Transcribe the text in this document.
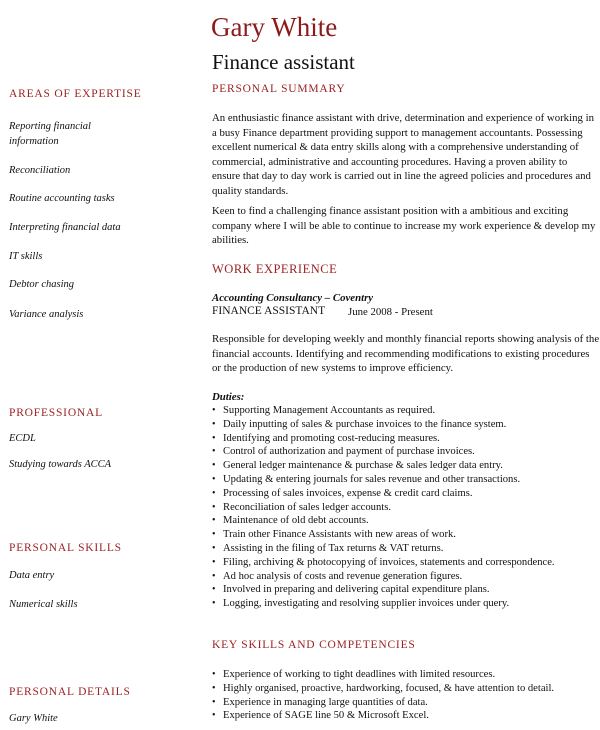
Gary White
Finance assistant
AREAS OF EXPERTISE
Reporting financial information
Reconciliation
Routine accounting tasks
Interpreting financial data
IT skills
Debtor chasing
Variance analysis
PROFESSIONAL
ECDL
Studying towards ACCA
PERSONAL SKILLS
Data entry
Numerical skills
PERSONAL DETAILS
Gary White
PERSONAL SUMMARY
An enthusiastic finance assistant with drive, determination and experience of working in a busy Finance department providing support to management accountants. Possessing excellent numerical & data entry skills along with a comprehensive understanding of commercial, administrative and accounting procedures. Having a proven ability to ensure that day to day work is carried out in line the agreed policies and procedures and quality standards.
Keen to find a challenging finance assistant position with a ambitious and exciting company where I will be able to continue to increase my work experience & develop my abilities.
WORK EXPERIENCE
Accounting Consultancy – Coventry
FINANCE ASSISTANT June 2008 - Present
Responsible for developing weekly and monthly financial reports showing analysis of the financial accounts. Identifying and recommending modifications to existing procedures or the production of new systems to improve efficiency.
Duties:
• Supporting Management Accountants as required.
• Daily inputting of sales & purchase invoices to the finance system.
• Identifying and promoting cost-reducing measures.
• Control of authorization and payment of purchase invoices.
• General ledger maintenance & purchase & sales ledger data entry.
• Updating & entering journals for sales revenue and other transactions.
• Processing of sales invoices, expense & credit card claims.
• Reconciliation of sales ledger accounts.
• Maintenance of old debt accounts.
• Train other Finance Assistants with new areas of work.
• Assisting in the filing of Tax returns & VAT returns.
• Filing, archiving & photocopying of invoices, statements and correspondence.
• Ad hoc analysis of costs and revenue generation figures.
• Involved in preparing and delivering capital expenditure plans.
• Logging, investigating and resolving supplier invoices under query.
KEY SKILLS AND COMPETENCIES
• Experience of working to tight deadlines with limited resources.
• Highly organised, proactive, hardworking, focused, & have attention to detail.
• Experience in managing large quantities of data.
• Experience of SAGE line 50 & Microsoft Excel.
